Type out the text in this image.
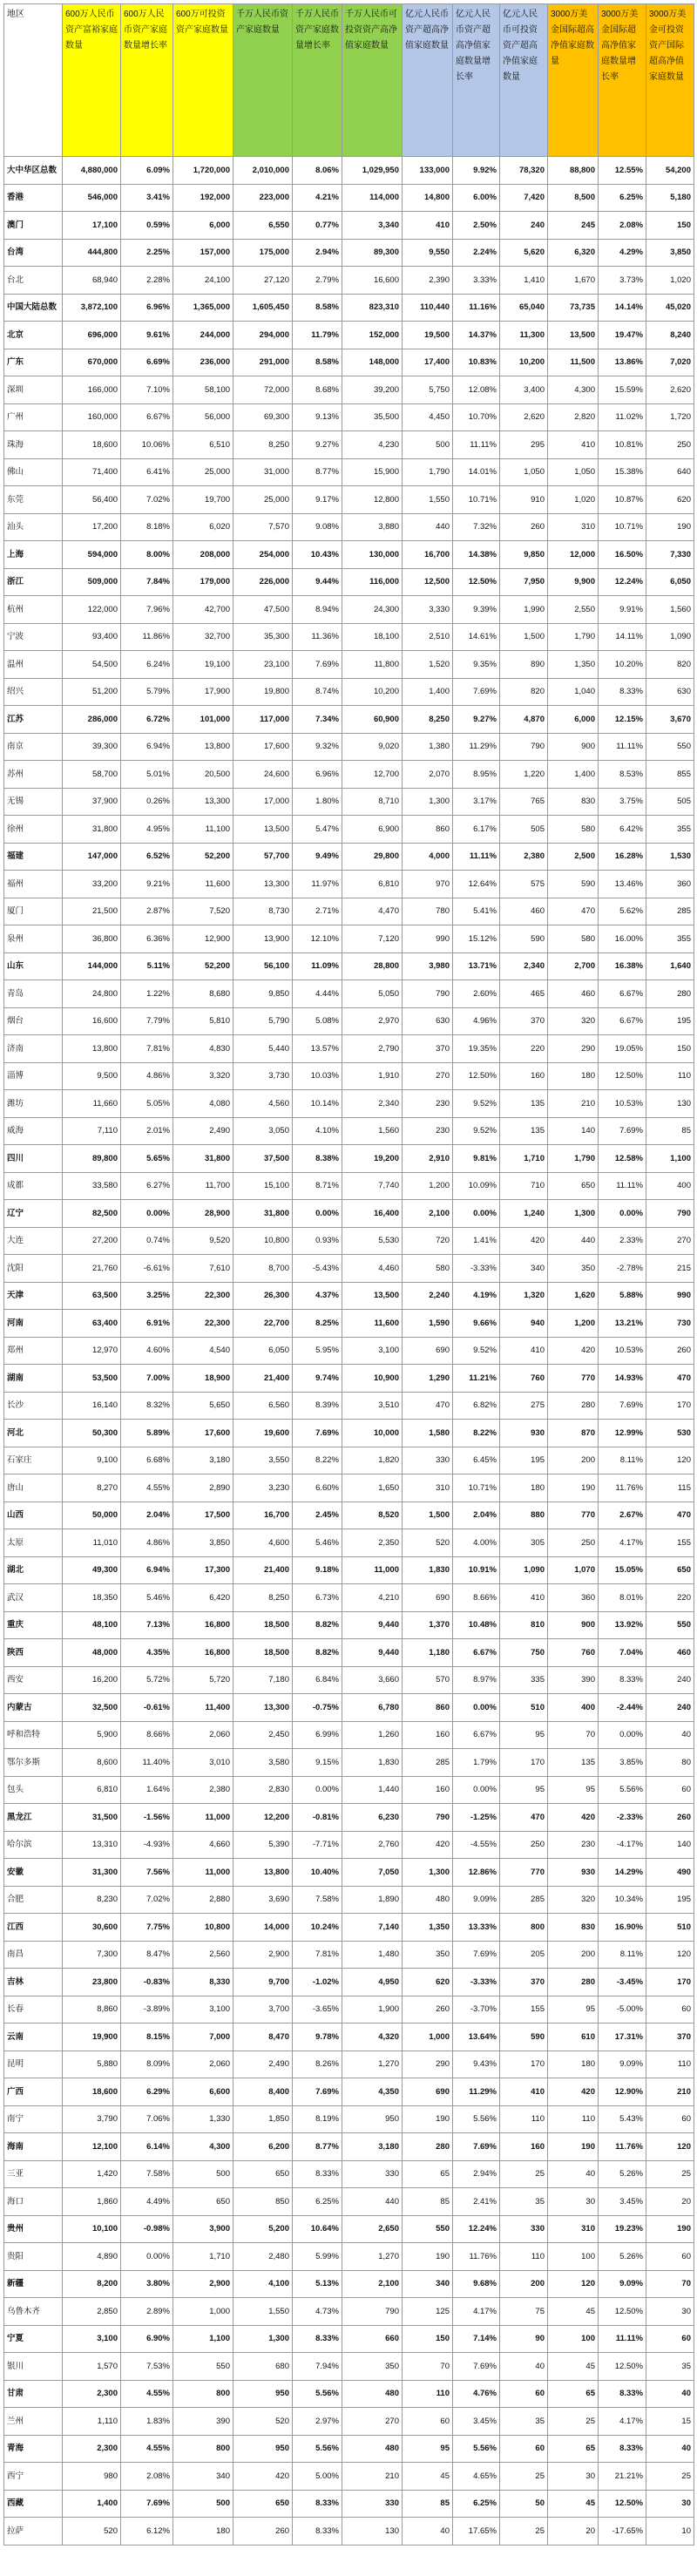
地区	600万人民币资产富裕家庭数量	600万人民币资产家庭数量增长率	600万可投资资产家庭数量	千万人民币资产家庭数量	千万人民币资产家庭数量增长率	千万人民币可投资资产高净值家庭数量	亿元人民币资产超高净值家庭数量	亿元人民币资产超高净值家庭数量增长率	亿元人民币可投资资产超高净值家庭数量	3000万美金国际超高净值家庭数量	3000万美金国际超高净值家庭数量增长率	3000万美金可投资资产国际超高净值家庭数量
大中华区总数	4,880,000	6.09%	1,720,000	2,010,000	8.06%	1,029,950	133,000	9.92%	78,320	88,800	12.55%	54,200
香港	546,000	3.41%	192,000	223,000	4.21%	114,000	14,800	6.00%	7,420	8,500	6.25%	5,180
澳门	17,100	0.59%	6,000	6,550	0.77%	3,340	410	2.50%	240	245	2.08%	150
台湾	444,800	2.25%	157,000	175,000	2.94%	89,300	9,550	2.24%	5,620	6,320	4.29%	3,850
台北	68,940	2.28%	24,100	27,120	2.79%	16,600	2,390	3.33%	1,410	1,670	3.73%	1,020
中国大陆总数	3,872,100	6.96%	1,365,000	1,605,450	8.58%	823,310	110,440	11.16%	65,040	73,735	14.14%	45,020
北京	696,000	9.61%	244,000	294,000	11.79%	152,000	19,500	14.37%	11,300	13,500	19.47%	8,240
广东	670,000	6.69%	236,000	291,000	8.58%	148,000	17,400	10.83%	10,200	11,500	13.86%	7,020
深圳	166,000	7.10%	58,100	72,000	8.68%	39,200	5,750	12.08%	3,400	4,300	15.59%	2,620
广州	160,000	6.67%	56,000	69,300	9.13%	35,500	4,450	10.70%	2,620	2,820	11.02%	1,720
珠海	18,600	10.06%	6,510	8,250	9.27%	4,230	500	11.11%	295	410	10.81%	250
佛山	71,400	6.41%	25,000	31,000	8.77%	15,900	1,790	14.01%	1,050	1,050	15.38%	640
东莞	56,400	7.02%	19,700	25,000	9.17%	12,800	1,550	10.71%	910	1,020	10.87%	620
汕头	17,200	8.18%	6,020	7,570	9.08%	3,880	440	7.32%	260	310	10.71%	190
上海	594,000	8.00%	208,000	254,000	10.43%	130,000	16,700	14.38%	9,850	12,000	16.50%	7,330
浙江	509,000	7.84%	179,000	226,000	9.44%	116,000	12,500	12.50%	7,950	9,900	12.24%	6,050
杭州	122,000	7.96%	42,700	47,500	8.94%	24,300	3,330	9.39%	1,990	2,550	9.91%	1,560
宁波	93,400	11.86%	32,700	35,300	11.36%	18,100	2,510	14.61%	1,500	1,790	14.11%	1,090
温州	54,500	6.24%	19,100	23,100	7.69%	11,800	1,520	9.35%	890	1,350	10.20%	820
绍兴	51,200	5.79%	17,900	19,800	8.74%	10,200	1,400	7.69%	820	1,040	8.33%	630
江苏	286,000	6.72%	101,000	117,000	7.34%	60,900	8,250	9.27%	4,870	6,000	12.15%	3,670
南京	39,300	6.94%	13,800	17,600	9.32%	9,020	1,380	11.29%	790	900	11.11%	550
苏州	58,700	5.01%	20,500	24,600	6.96%	12,700	2,070	8.95%	1,220	1,400	8.53%	855
无锡	37,900	0.26%	13,300	17,000	1.80%	8,710	1,300	3.17%	765	830	3.75%	505
徐州	31,800	4.95%	11,100	13,500	5.47%	6,900	860	6.17%	505	580	6.42%	355
福建	147,000	6.52%	52,200	57,700	9.49%	29,800	4,000	11.11%	2,380	2,500	16.28%	1,530
福州	33,200	9.21%	11,600	13,300	11.97%	6,810	970	12.64%	575	590	13.46%	360
厦门	21,500	2.87%	7,520	8,730	2.71%	4,470	780	5.41%	460	470	5.62%	285
泉州	36,800	6.36%	12,900	13,900	12.10%	7,120	990	15.12%	590	580	16.00%	355
山东	144,000	5.11%	52,200	56,100	11.09%	28,800	3,980	13.71%	2,340	2,700	16.38%	1,640
青岛	24,800	1.22%	8,680	9,850	4.44%	5,050	790	2.60%	465	460	6.67%	280
烟台	16,600	7.79%	5,810	5,790	5.08%	2,970	630	4.96%	370	320	6.67%	195
济南	13,800	7.81%	4,830	5,440	13.57%	2,790	370	19.35%	220	290	19.05%	150
淄博	9,500	4.86%	3,320	3,730	10.03%	1,910	270	12.50%	160	180	12.50%	110
潍坊	11,660	5.05%	4,080	4,560	10.14%	2,340	230	9.52%	135	210	10.53%	130
威海	7,110	2.01%	2,490	3,050	4.10%	1,560	230	9.52%	135	140	7.69%	85
四川	89,800	5.65%	31,800	37,500	8.38%	19,200	2,910	9.81%	1,710	1,790	12.58%	1,100
成都	33,580	6.27%	11,700	15,100	8.71%	7,740	1,200	10.09%	710	650	11.11%	400
辽宁	82,500	0.00%	28,900	31,800	0.00%	16,400	2,100	0.00%	1,240	1,300	0.00%	790
大连	27,200	0.74%	9,520	10,800	0.93%	5,530	720	1.41%	420	440	2.33%	270
沈阳	21,760	-6.61%	7,610	8,700	-5.43%	4,460	580	-3.33%	340	350	-2.78%	215
天津	63,500	3.25%	22,300	26,300	4.37%	13,500	2,240	4.19%	1,320	1,620	5.88%	990
河南	63,400	6.91%	22,300	22,700	8.25%	11,600	1,590	9.66%	940	1,200	13.21%	730
郑州	12,970	4.60%	4,540	6,050	5.95%	3,100	690	9.52%	410	420	10.53%	260
湖南	53,500	7.00%	18,900	21,400	9.74%	10,900	1,290	11.21%	760	770	14.93%	470
长沙	16,140	8.32%	5,650	6,560	8.39%	3,510	470	6.82%	275	280	7.69%	170
河北	50,300	5.89%	17,600	19,600	7.69%	10,000	1,580	8.22%	930	870	12.99%	530
石家庄	9,100	6.68%	3,180	3,550	8.22%	1,820	330	6.45%	195	200	8.11%	120
唐山	8,270	4.55%	2,890	3,230	6.60%	1,650	310	10.71%	180	190	11.76%	115
山西	50,000	2.04%	17,500	16,700	2.45%	8,520	1,500	2.04%	880	770	2.67%	470
太原	11,010	4.86%	3,850	4,600	5.46%	2,350	520	4.00%	305	250	4.17%	155
湖北	49,300	6.94%	17,300	21,400	9.18%	11,000	1,830	10.91%	1,090	1,070	15.05%	650
武汉	18,350	5.46%	6,420	8,250	6.73%	4,210	690	8.66%	410	360	8.01%	220
重庆	48,100	7.13%	16,800	18,500	8.82%	9,440	1,370	10.48%	810	900	13.92%	550
陕西	48,000	4.35%	16,800	18,500	8.82%	9,440	1,180	6.67%	750	760	7.04%	460
西安	16,200	5.72%	5,720	7,180	6.84%	3,660	570	8.97%	335	390	8.33%	240
内蒙古	32,500	-0.61%	11,400	13,300	-0.75%	6,780	860	0.00%	510	400	-2.44%	240
呼和浩特	5,900	8.66%	2,060	2,450	6.99%	1,260	160	6.67%	95	70	0.00%	40
鄂尔多斯	8,600	11.40%	3,010	3,580	9.15%	1,830	285	1.79%	170	135	3.85%	80
包头	6,810	1.64%	2,380	2,830	0.00%	1,440	160	0.00%	95	95	5.56%	60
黑龙江	31,500	-1.56%	11,000	12,200	-0.81%	6,230	790	-1.25%	470	420	-2.33%	260
哈尔滨	13,310	-4.93%	4,660	5,390	-7.71%	2,760	420	-4.55%	250	230	-4.17%	140
安徽	31,300	7.56%	11,000	13,800	10.40%	7,050	1,300	12.86%	770	930	14.29%	490
合肥	8,230	7.02%	2,880	3,690	7.58%	1,890	480	9.09%	285	320	10.34%	195
江西	30,600	7.75%	10,800	14,000	10.24%	7,140	1,350	13.33%	800	830	16.90%	510
南昌	7,300	8.47%	2,560	2,900	7.81%	1,480	350	7.69%	205	200	8.11%	120
吉林	23,800	-0.83%	8,330	9,700	-1.02%	4,950	620	-3.33%	370	280	-3.45%	170
长春	8,860	-3.89%	3,100	3,700	-3.65%	1,900	260	-3.70%	155	95	-5.00%	60
云南	19,900	8.15%	7,000	8,470	9.78%	4,320	1,000	13.64%	590	610	17.31%	370
昆明	5,880	8.09%	2,060	2,490	8.26%	1,270	290	9.43%	170	180	9.09%	110
广西	18,600	6.29%	6,600	8,400	7.69%	4,350	690	11.29%	410	420	12.90%	210
南宁	3,790	7.06%	1,330	1,850	8.19%	950	190	5.56%	110	110	5.43%	60
海南	12,100	6.14%	4,300	6,200	8.77%	3,180	280	7.69%	160	190	11.76%	120
三亚	1,420	7.58%	500	650	8.33%	330	65	2.94%	25	40	5.26%	25
海口	1,860	4.49%	650	850	6.25%	440	85	2.41%	35	30	3.45%	20
贵州	10,100	-0.98%	3,900	5,200	10.64%	2,650	550	12.24%	330	310	19.23%	190
贵阳	4,890	0.00%	1,710	2,480	5.99%	1,270	190	11.76%	110	100	5.26%	60
新疆	8,200	3.80%	2,900	4,100	5.13%	2,100	340	9.68%	200	120	9.09%	70
乌鲁木齐	2,850	2.89%	1,000	1,550	4.73%	790	125	4.17%	75	45	12.50%	30
宁夏	3,100	6.90%	1,100	1,300	8.33%	660	150	7.14%	90	100	11.11%	60
银川	1,570	7.53%	550	680	7.94%	350	70	7.69%	40	45	12.50%	35
甘肃	2,300	4.55%	800	950	5.56%	480	110	4.76%	60	65	8.33%	40
兰州	1,110	1.83%	390	520	2.97%	270	60	3.45%	35	25	4.17%	15
青海	2,300	4.55%	800	950	5.56%	480	95	5.56%	60	65	8.33%	40
西宁	980	2.08%	340	420	5.00%	210	45	4.65%	25	30	21.21%	25
西藏	1,400	7.69%	500	650	8.33%	330	85	6.25%	50	45	12.50%	30
拉萨	520	6.12%	180	260	8.33%	130	40	17.65%	25	20	-17.65%	10
